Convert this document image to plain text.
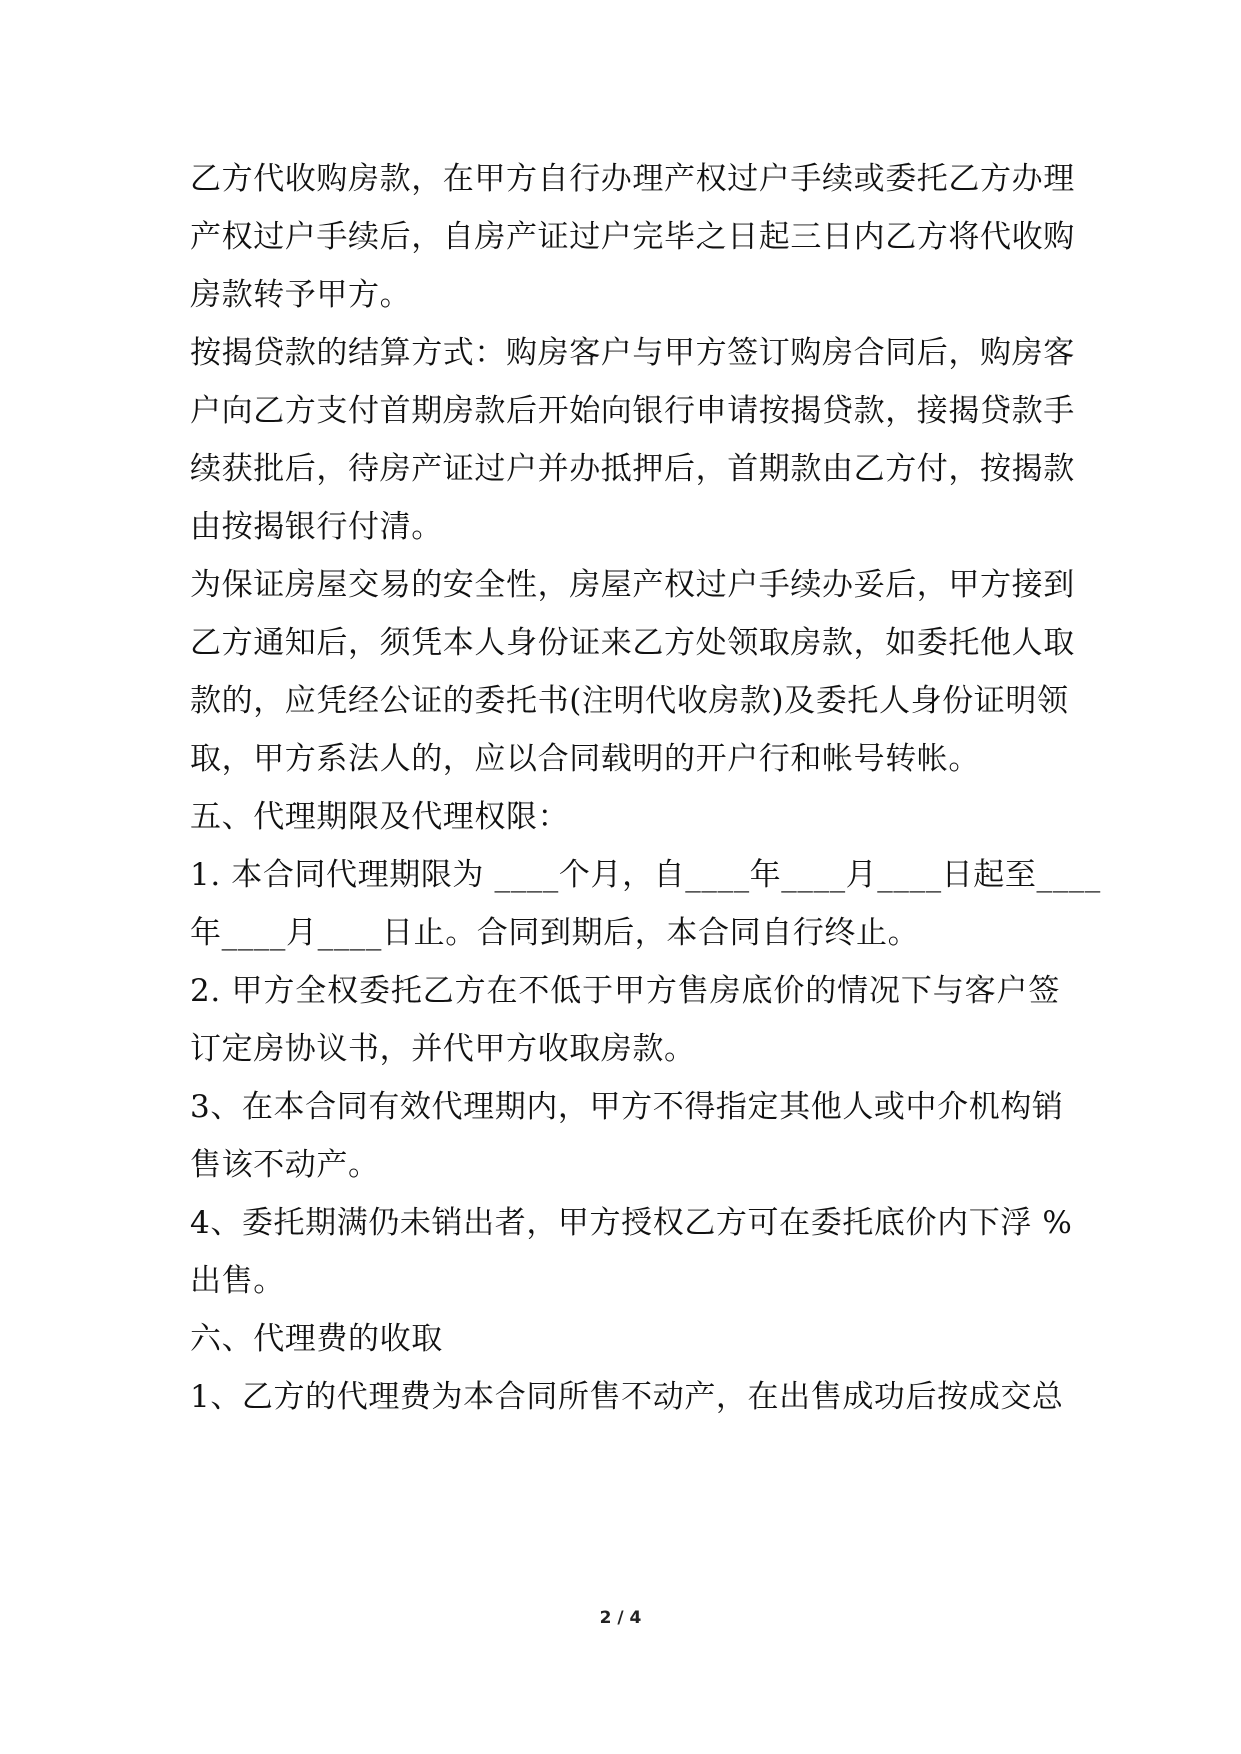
乙方代收购房款，在甲方自行办理产权过户手续或委托乙方办理
产权过户手续后，自房产证过户完毕之日起三日内乙方将代收购
房款转予甲方。
按揭贷款的结算方式：购房客户与甲方签订购房合同后，购房客
户向乙方支付首期房款后开始向银行申请按揭贷款，接揭贷款手
续获批后，待房产证过户并办抵押后，首期款由乙方付，按揭款
由按揭银行付清。
为保证房屋交易的安全性，房屋产权过户手续办妥后，甲方接到
乙方通知后，须凭本人身份证来乙方处领取房款，如委托他人取
款的，应凭经公证的委托书(注明代收房款)及委托人身份证明领
取，甲方系法人的，应以合同载明的开户行和帐号转帐。
五、代理期限及代理权限：
1. 本合同代理期限为 ____个月，自____年____月____日起至____
年____月____日止。合同到期后，本合同自行终止。
2. 甲方全权委托乙方在不低于甲方售房底价的情况下与客户签
订定房协议书，并代甲方收取房款。
3、在本合同有效代理期内，甲方不得指定其他人或中介机构销
售该不动产。
4、委托期满仍未销出者，甲方授权乙方可在委托底价内下浮 %
出售。
六、代理费的收取
1、乙方的代理费为本合同所售不动产，在出售成功后按成交总
2 / 4
